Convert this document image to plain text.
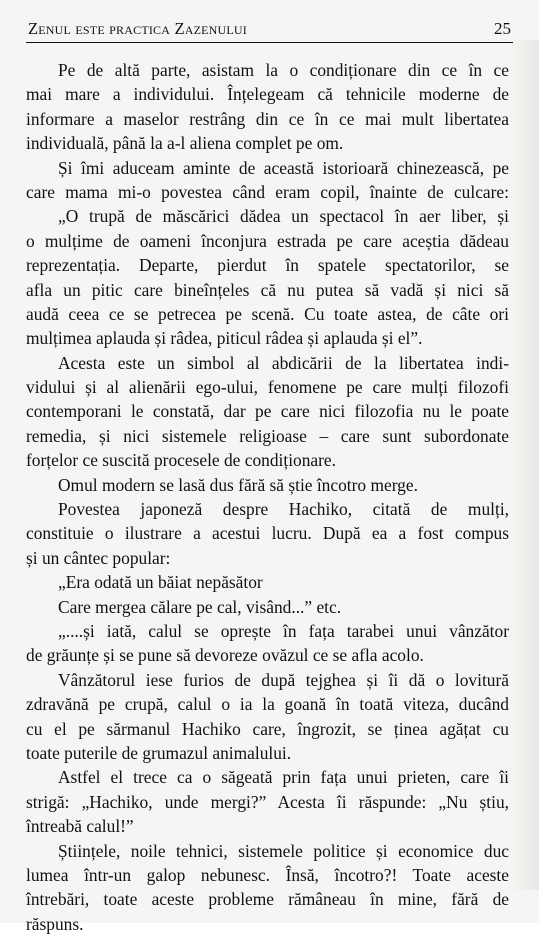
Zenul este practica Zazenului	25
Pe de altă parte, asistam la o condiționare din ce în ce
mai mare a individului. Înțelegeam că tehnicile moderne de
informare a maselor restrâng din ce în ce mai mult libertatea
individuală, până la a-l aliena complet pe om.
Și îmi aduceam aminte de această istorioară chinezească, pe
care mama mi-o povestea când eram copil, înainte de culcare:
„O trupă de măscărici dădea un spectacol în aer liber, și
o mulțime de oameni înconjura estrada pe care aceștia dădeau
reprezentația. Departe, pierdut în spatele spectatorilor, se
afla un pitic care bineînțeles că nu putea să vadă și nici să
audă ceea ce se petrecea pe scenă. Cu toate astea, de câte ori
mulțimea aplauda și râdea, piticul râdea și aplauda și el”.
Acesta este un simbol al abdicării de la libertatea indi-
vidului și al alienării ego-ului, fenomene pe care mulți filozofi
contemporani le constată, dar pe care nici filozofia nu le poate
remedia, și nici sistemele religioase – care sunt subordonate
forțelor ce suscită procesele de condiționare.
Omul modern se lasă dus fără să știe încotro merge.
Povestea japoneză despre Hachiko, citată de mulți,
constituie o ilustrare a acestui lucru. După ea a fost compus
și un cântec popular:
„Era odată un băiat nepăsător
Care mergea călare pe cal, visând...” etc.
„....și iată, calul se oprește în fața tarabei unui vânzător
de grăunțe și se pune să devoreze ovăzul ce se afla acolo.
Vânzătorul iese furios de după tejghea și îi dă o lovitură
zdravănă pe crupă, calul o ia la goană în toată viteza, ducând
cu el pe sărmanul Hachiko care, îngrozit, se ținea agățat cu
toate puterile de grumazul animalului.
Astfel el trece ca o săgeată prin fața unui prieten, care îi
strigă: „Hachiko, unde mergi?” Acesta îi răspunde: „Nu știu,
întreabă calul!”
Științele, noile tehnici, sistemele politice și economice duc
lumea într-un galop nebunesc. Însă, încotro?! Toate aceste
întrebări, toate aceste probleme rămâneau în mine, fără de
răspuns.
